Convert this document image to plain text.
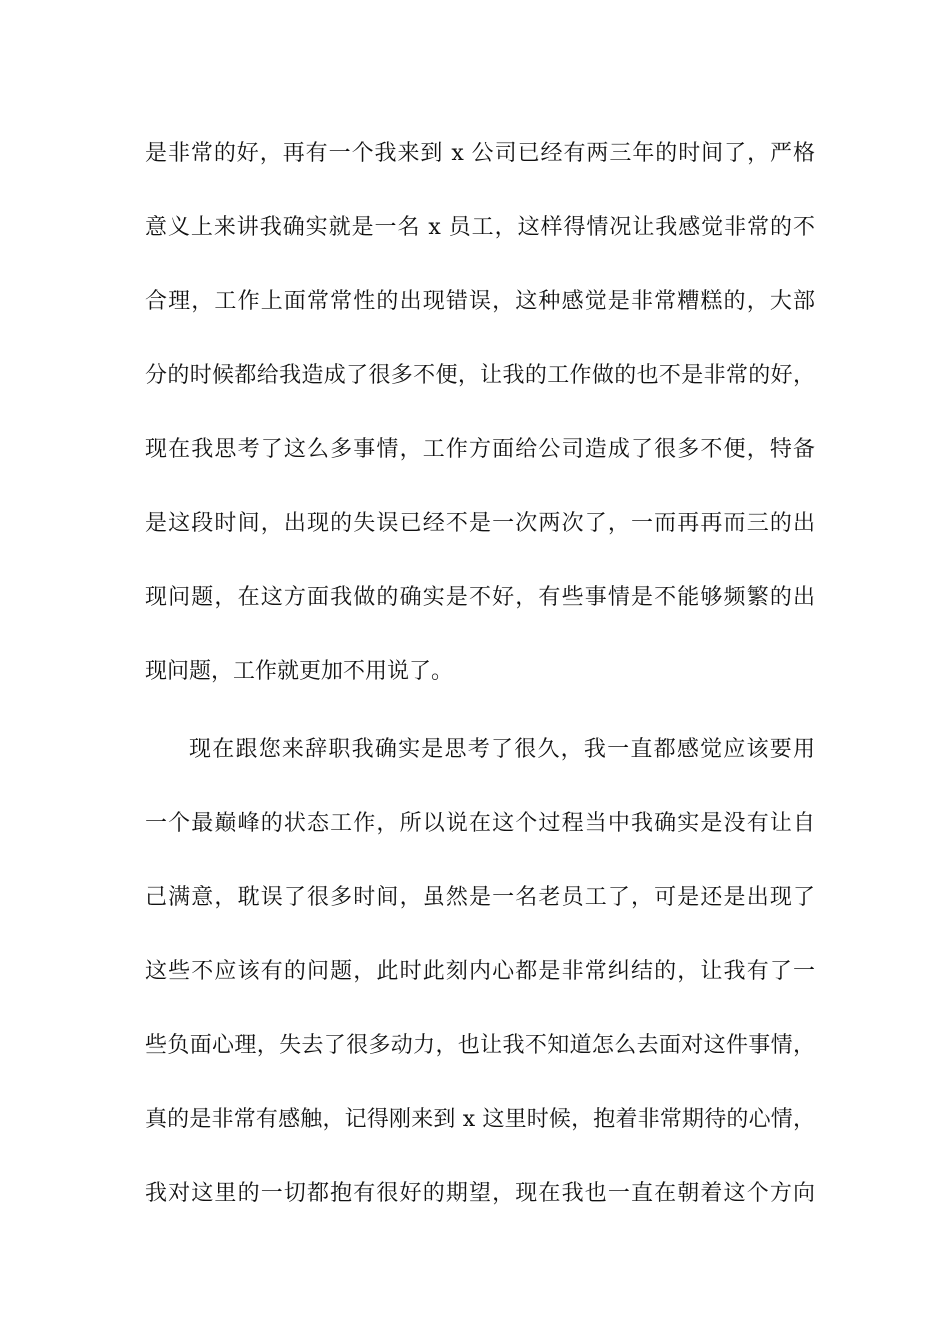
是非常的好，再有一个我来到 x 公司已经有两三年的时间了，严格
意义上来讲我确实就是一名 x 员工，这样得情况让我感觉非常的不
合理，工作上面常常性的出现错误，这种感觉是非常糟糕的，大部
分的时候都给我造成了很多不便，让我的工作做的也不是非常的好，
现在我思考了这么多事情，工作方面给公司造成了很多不便，特备
是这段时间，出现的失误已经不是一次两次了，一而再再而三的出
现问题，在这方面我做的确实是不好，有些事情是不能够频繁的出
现问题，工作就更加不用说了。
现在跟您来辞职我确实是思考了很久，我一直都感觉应该要用
一个最巅峰的状态工作，所以说在这个过程当中我确实是没有让自
己满意，耽误了很多时间，虽然是一名老员工了，可是还是出现了
这些不应该有的问题，此时此刻内心都是非常纠结的，让我有了一
些负面心理，失去了很多动力，也让我不知道怎么去面对这件事情，
真的是非常有感触，记得刚来到 x 这里时候，抱着非常期待的心情，
我对这里的一切都抱有很好的期望，现在我也一直在朝着这个方向
